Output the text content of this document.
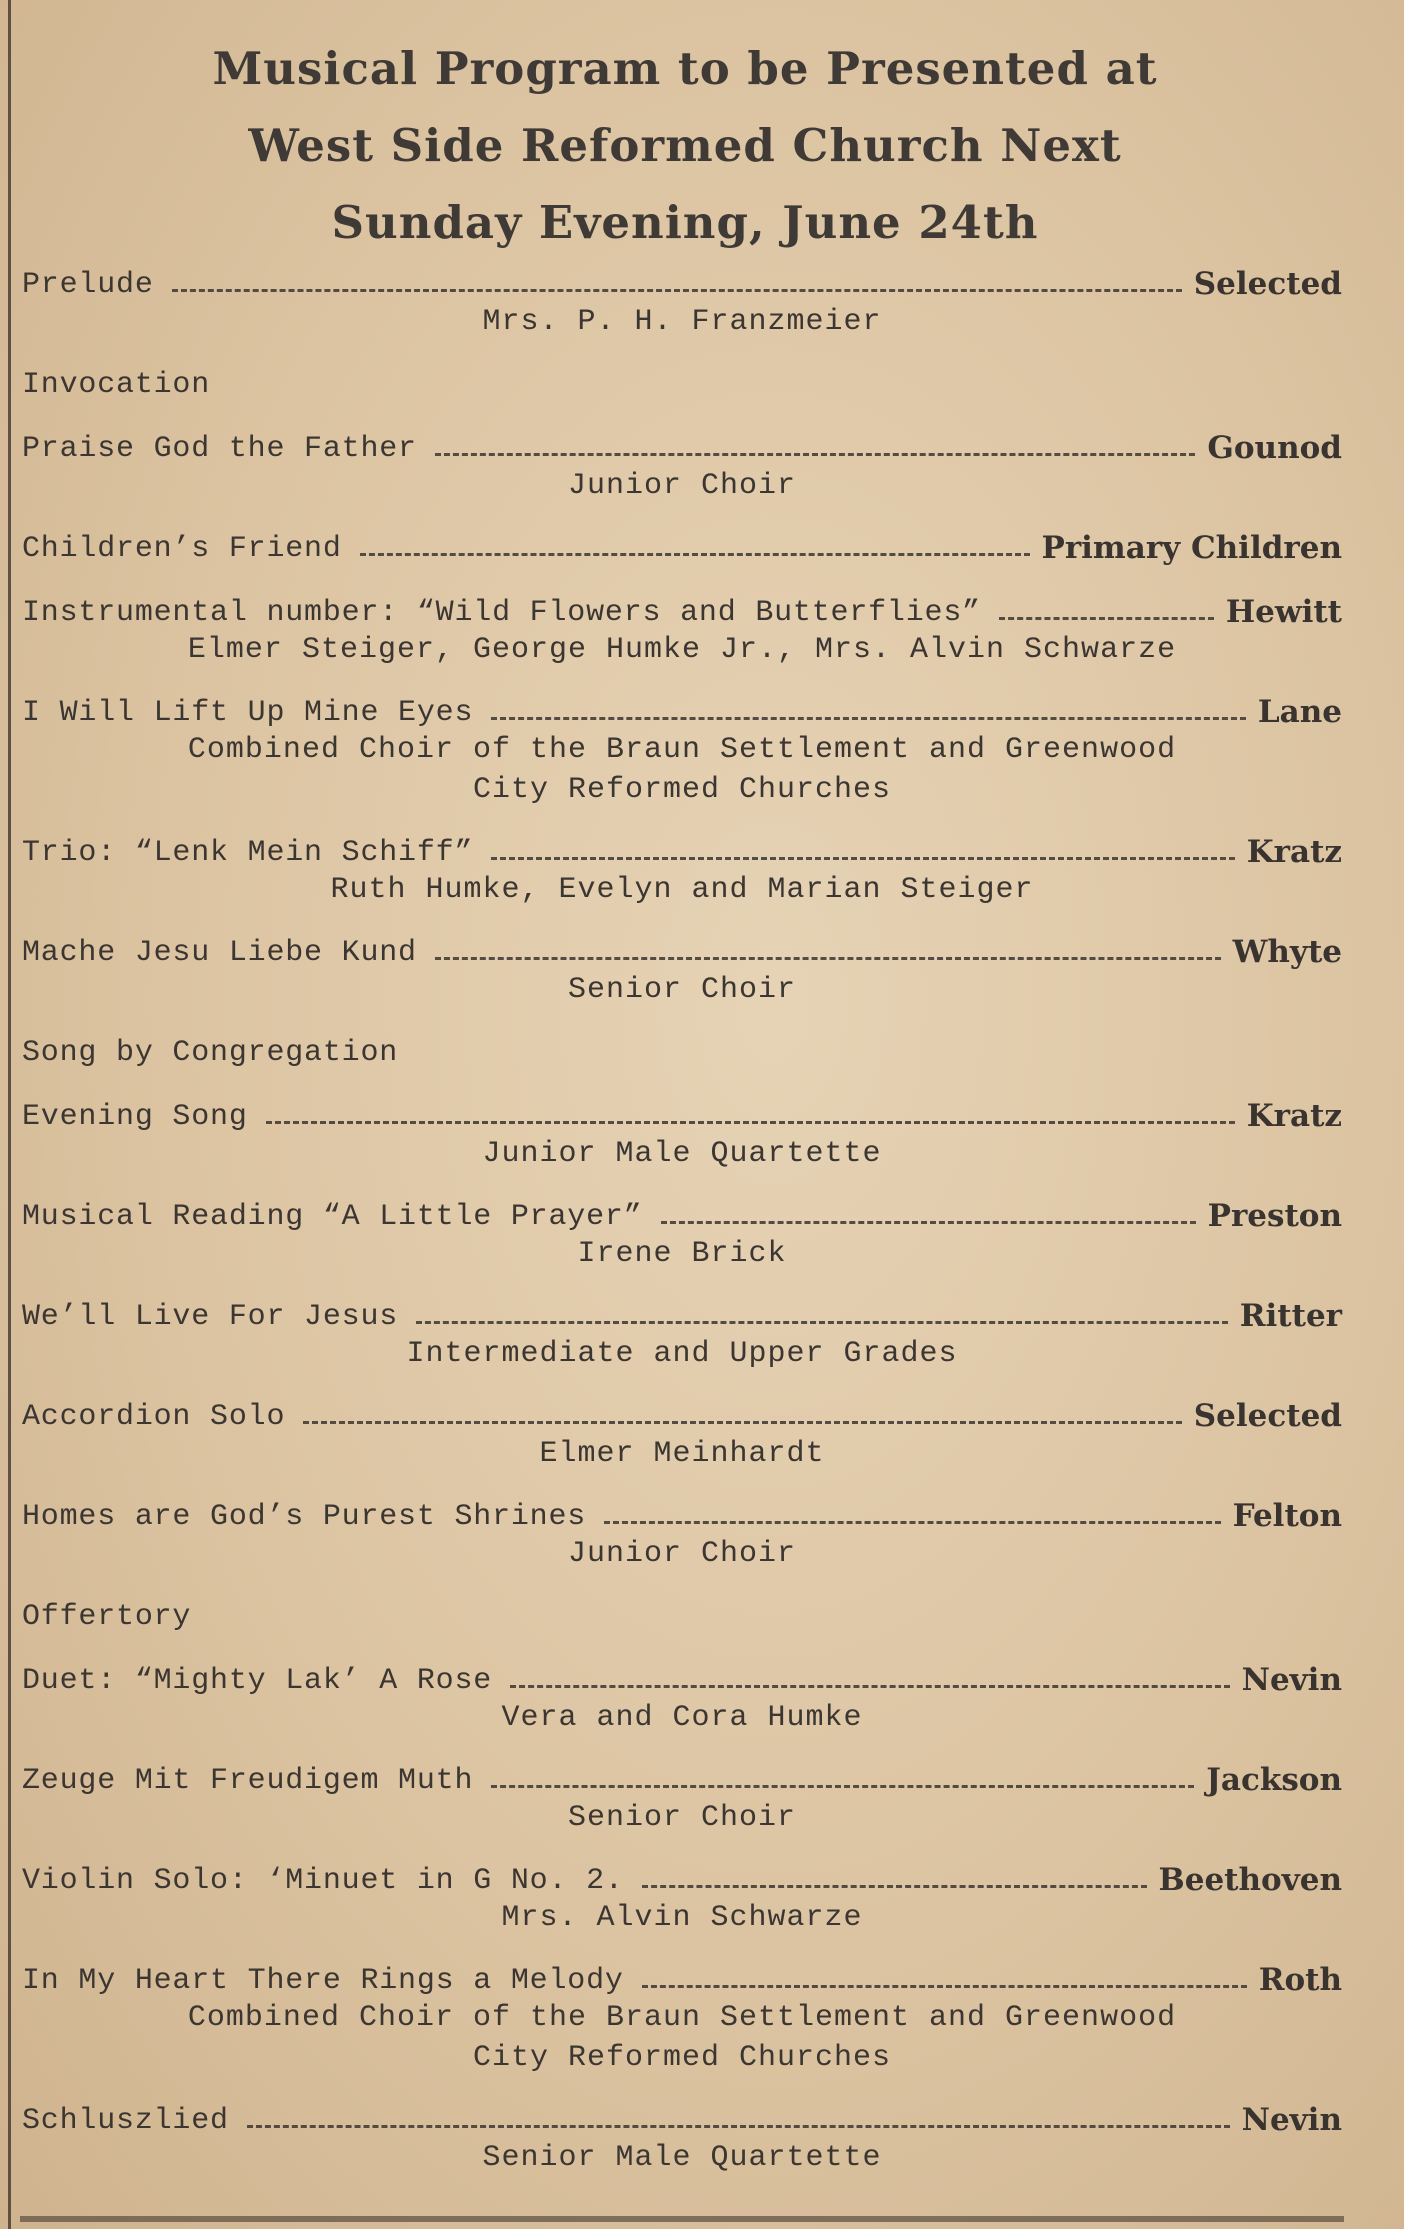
Musical Program to be Presented at
West Side Reformed Church Next
Sunday Evening, June 24th
Prelude	Selected
Mrs. P. H. Franzmeier
Invocation
Praise God the Father	Gounod
Junior Choir
Children’s Friend	Primary Children
Instrumental number: “Wild Flowers and Butterflies”	Hewitt
Elmer Steiger, George Humke Jr., Mrs. Alvin Schwarze
I Will Lift Up Mine Eyes	Lane
Combined Choir of the Braun Settlement and Greenwood
City Reformed Churches
Trio: “Lenk Mein Schiff”	Kratz
Ruth Humke, Evelyn and Marian Steiger
Mache Jesu Liebe Kund	Whyte
Senior Choir
Song by Congregation
Evening Song	Kratz
Junior Male Quartette
Musical Reading “A Little Prayer”	Preston
Irene Brick
We’ll Live For Jesus	Ritter
Intermediate and Upper Grades
Accordion Solo	Selected
Elmer Meinhardt
Homes are God’s Purest Shrines	Felton
Junior Choir
Offertory
Duet: “Mighty Lak’ A Rose	Nevin
Vera and Cora Humke
Zeuge Mit Freudigem Muth	Jackson
Senior Choir
Violin Solo: ‘Minuet in G No. 2.	Beethoven
Mrs. Alvin Schwarze
In My Heart There Rings a Melody	Roth
Combined Choir of the Braun Settlement and Greenwood
City Reformed Churches
Schluszlied	Nevin
Senior Male Quartette
